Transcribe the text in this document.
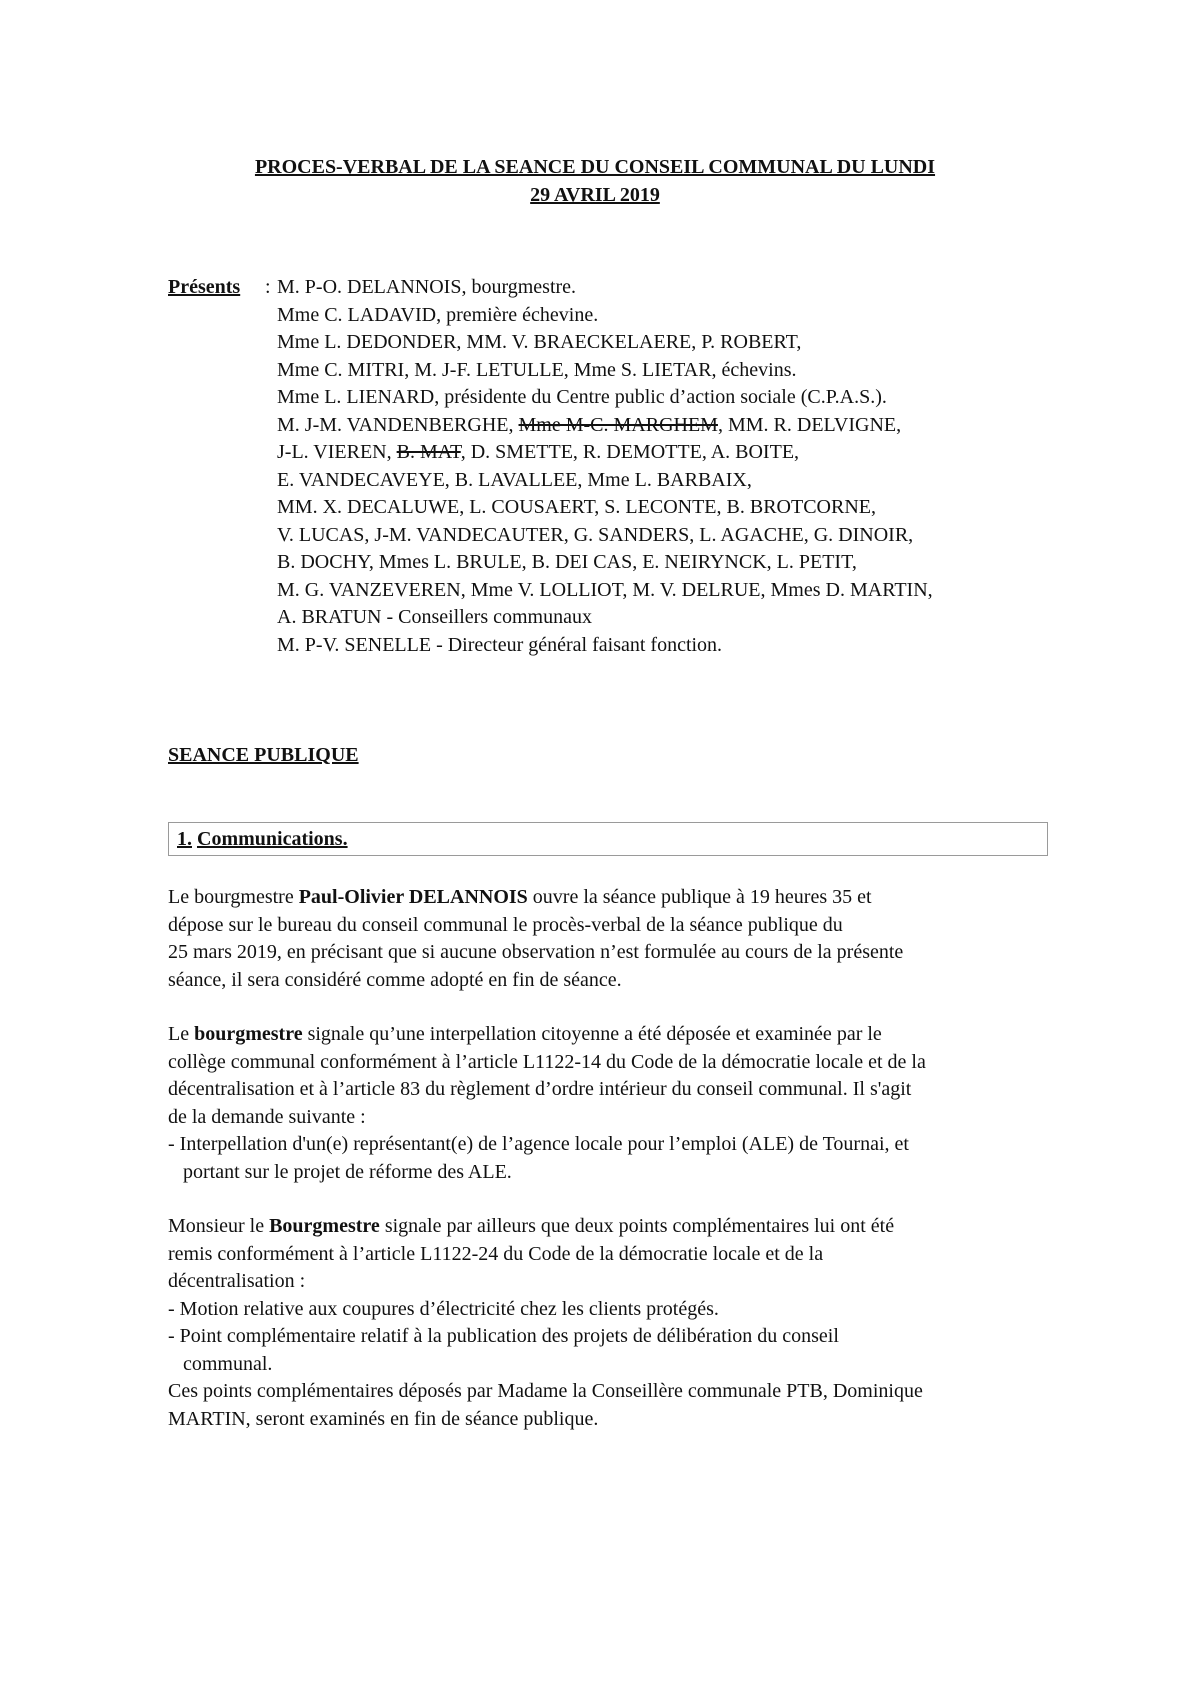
PROCES-VERBAL DE LA SEANCE DU CONSEIL COMMUNAL DU LUNDI
29 AVRIL 2019
Présents : M. P-O. DELANNOIS, bourgmestre.
Mme C. LADAVID, première échevine.
Mme L. DEDONDER, MM. V. BRAECKELAERE, P. ROBERT,
Mme C. MITRI, M. J-F. LETULLE, Mme S. LIETAR, échevins.
Mme L. LIENARD, présidente du Centre public d’action sociale (C.P.A.S.).
M. J-M. VANDENBERGHE, Mme M-C. MARGHEM, MM. R. DELVIGNE,
J-L. VIEREN, B. MAT, D. SMETTE, R. DEMOTTE, A. BOITE,
E. VANDECAVEYE, B. LAVALLEE, Mme L. BARBAIX,
MM. X. DECALUWE, L. COUSAERT, S. LECONTE, B. BROTCORNE,
V. LUCAS, J-M. VANDECAUTER, G. SANDERS, L. AGACHE, G. DINOIR,
B. DOCHY, Mmes L. BRULE, B. DEI CAS, E. NEIRYNCK, L. PETIT,
M. G. VANZEVEREN, Mme V. LOLLIOT, M. V. DELRUE, Mmes D. MARTIN,
A. BRATUN - Conseillers communaux
M. P-V. SENELLE - Directeur général faisant fonction.
SEANCE PUBLIQUE
1. Communications.
Le bourgmestre Paul-Olivier DELANNOIS ouvre la séance publique à 19 heures 35 et
dépose sur le bureau du conseil communal le procès-verbal de la séance publique du
25 mars 2019, en précisant que si aucune observation n’est formulée au cours de la présente
séance, il sera considéré comme adopté en fin de séance.
Le bourgmestre signale qu’une interpellation citoyenne a été déposée et examinée par le
collège communal conformément à l’article L1122-14 du Code de la démocratie locale et de la
décentralisation et à l’article 83 du règlement d’ordre intérieur du conseil communal. Il s'agit
de la demande suivante :
- Interpellation d'un(e) représentant(e) de l’agence locale pour l’emploi (ALE) de Tournai, et
portant sur le projet de réforme des ALE.
Monsieur le Bourgmestre signale par ailleurs que deux points complémentaires lui ont été
remis conformément à l’article L1122-24 du Code de la démocratie locale et de la
décentralisation :
- Motion relative aux coupures d’électricité chez les clients protégés.
- Point complémentaire relatif à la publication des projets de délibération du conseil
communal.
Ces points complémentaires déposés par Madame la Conseillère communale PTB, Dominique
MARTIN, seront examinés en fin de séance publique.
